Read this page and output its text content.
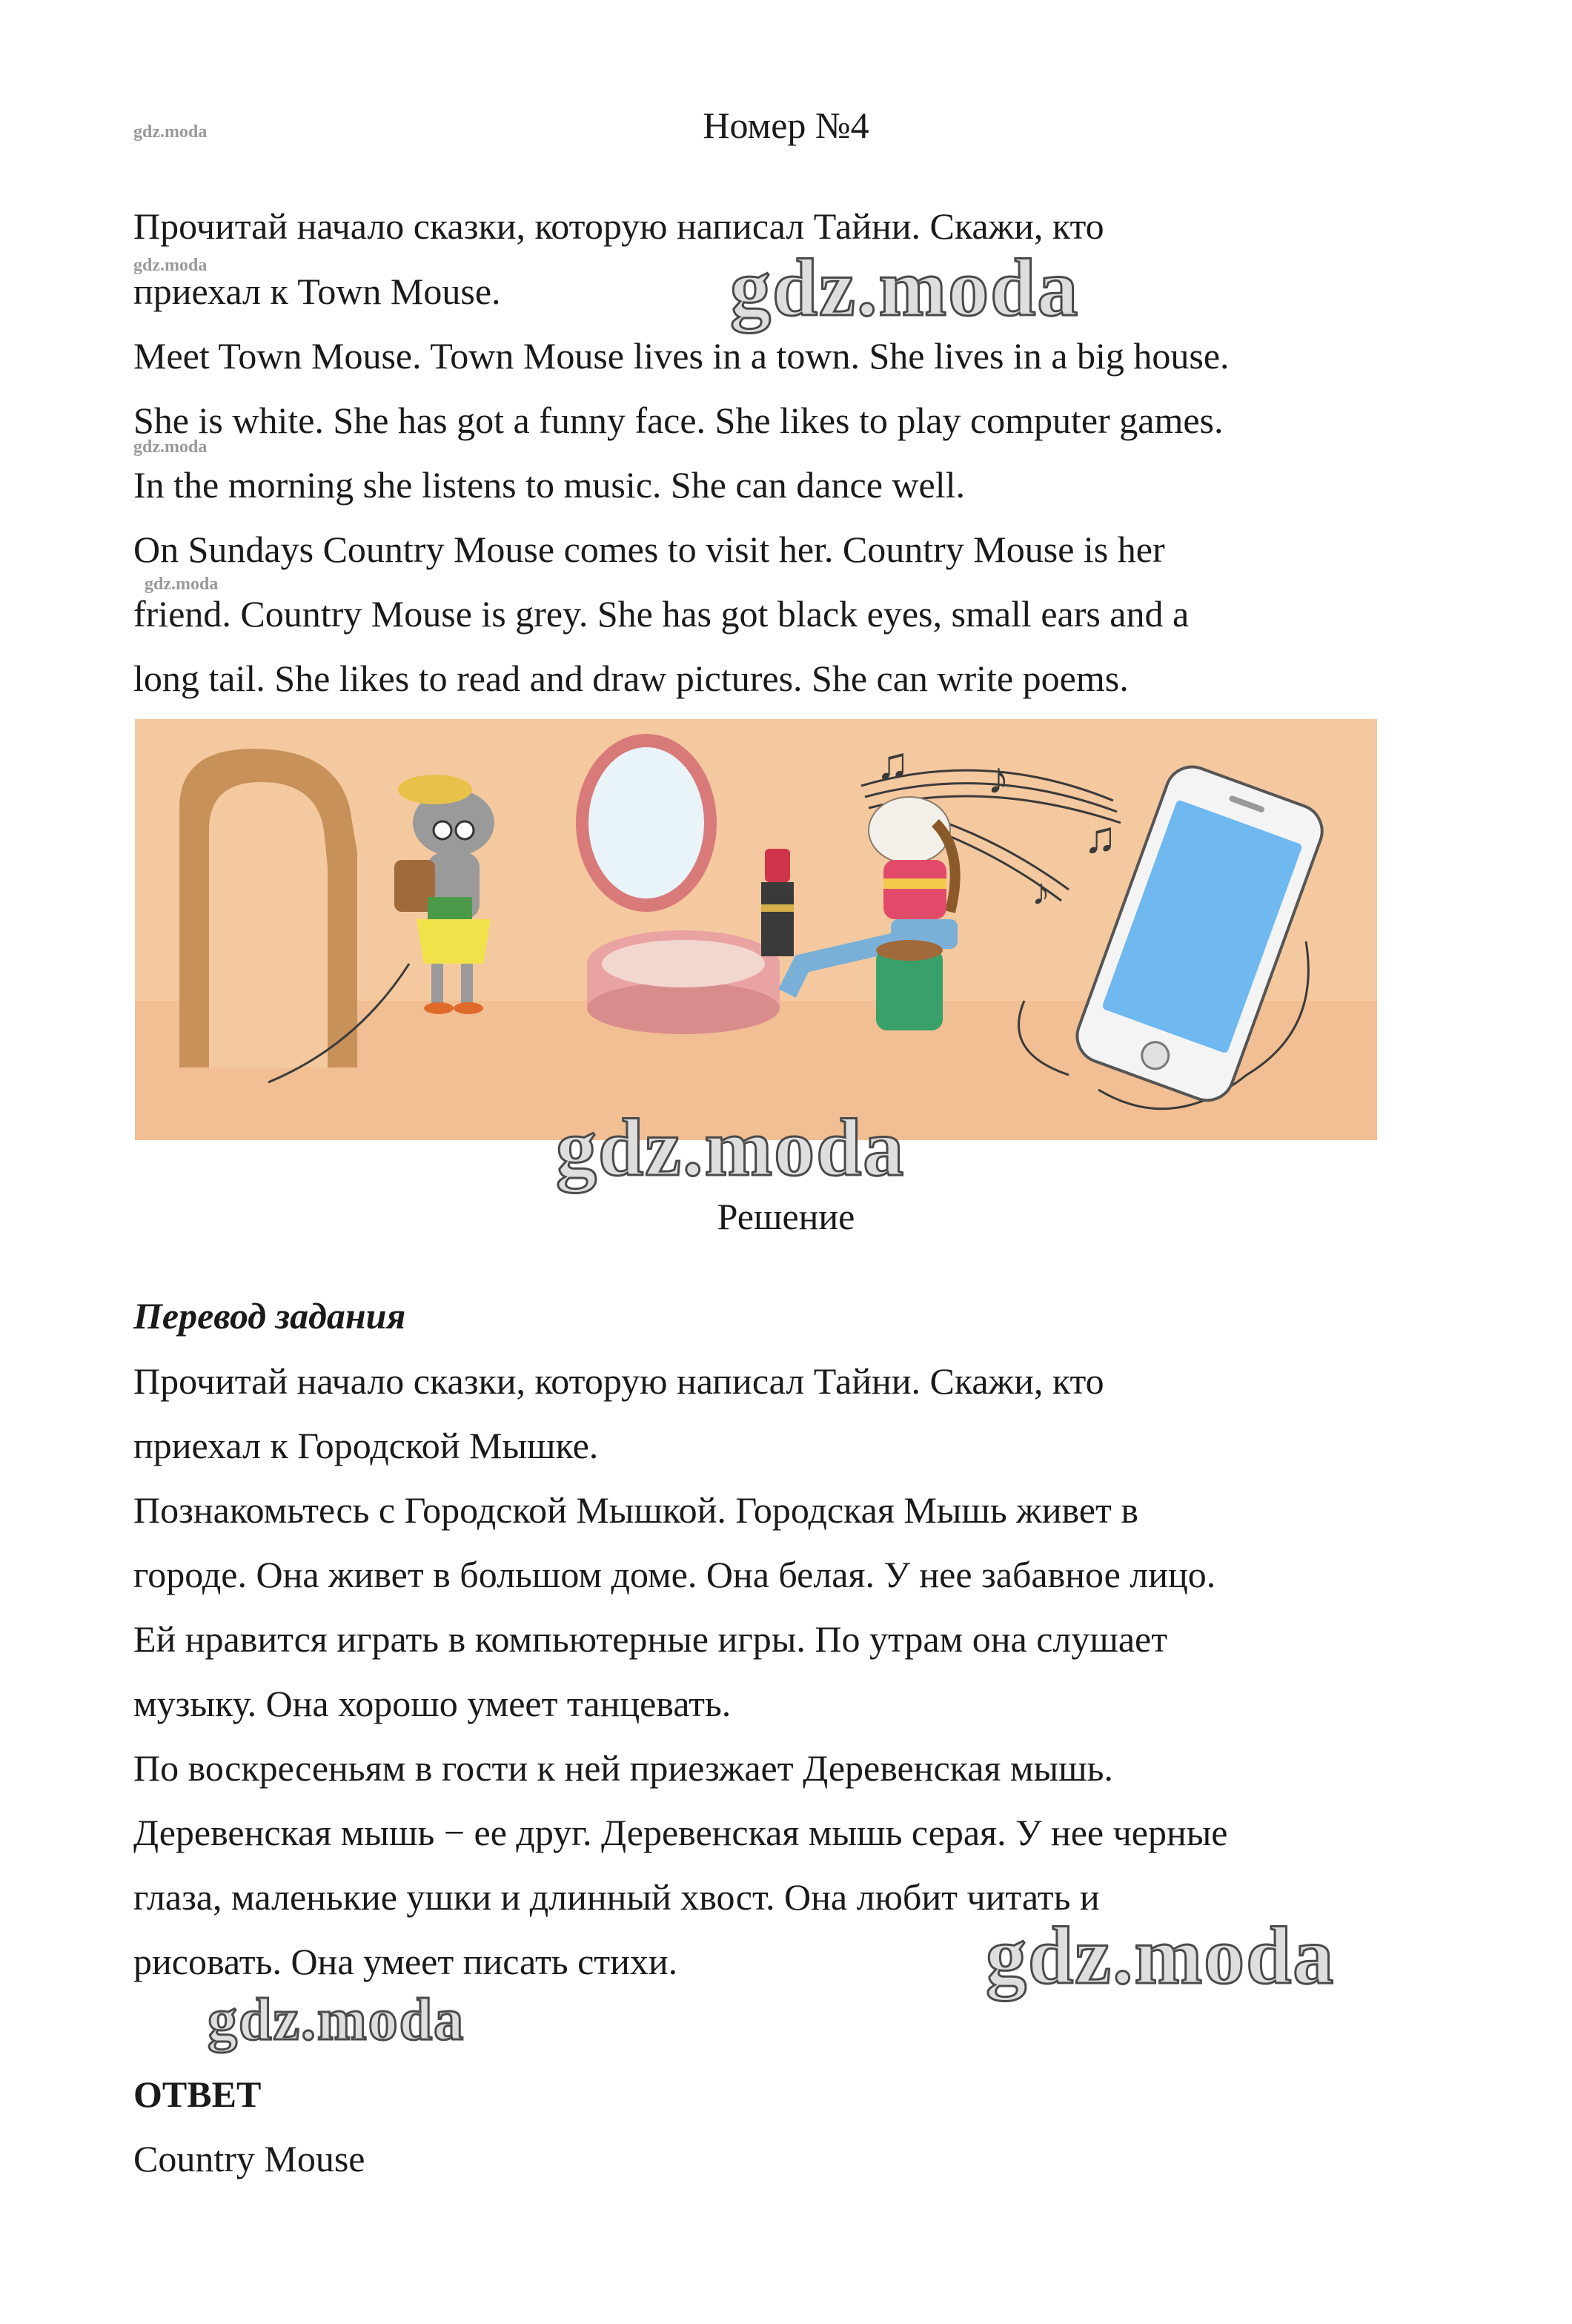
gdz.moda	Номер №4
Прочитай начало сказки, которую написал Тайни. Скажи, кто
gdz.moda
приехал к Town Mouse.	gdz.moda
Meet Town Mouse. Town Mouse lives in a town. She lives in a big house.
She is white. She has got a funny face. She likes to play computer games.
gdz.moda
In the morning she listens to music. She can dance well.
On Sundays Country Mouse comes to visit her. Country Mouse is her
gdz.moda
friend. Country Mouse is grey. She has got black eyes, small ears and a
long tail. She likes to read and draw pictures. She can write poems.
♫ ♪
♫
♪
gdz.moda
Решение
Перевод задания
Прочитай начало сказки, которую написал Тайни. Скажи, кто
приехал к Городской Мышке.
Познакомьтесь с Городской Мышкой. Городская Мышь живет в
городе. Она живет в большом доме. Она белая. У нее забавное лицо.
Ей нравится играть в компьютерные игры. По утрам она слушает
музыку. Она хорошо умеет танцевать.
По воскресеньям в гости к ней приезжает Деревенская мышь.
Деревенская мышь − ее друг. Деревенская мышь серая. У нее черные
глаза, маленькие ушки и длинный хвост. Она любит читать и
рисовать. Она умеет писать стихи.	gdz.moda
gdz.moda
ОТВЕТ
Country Mouse
